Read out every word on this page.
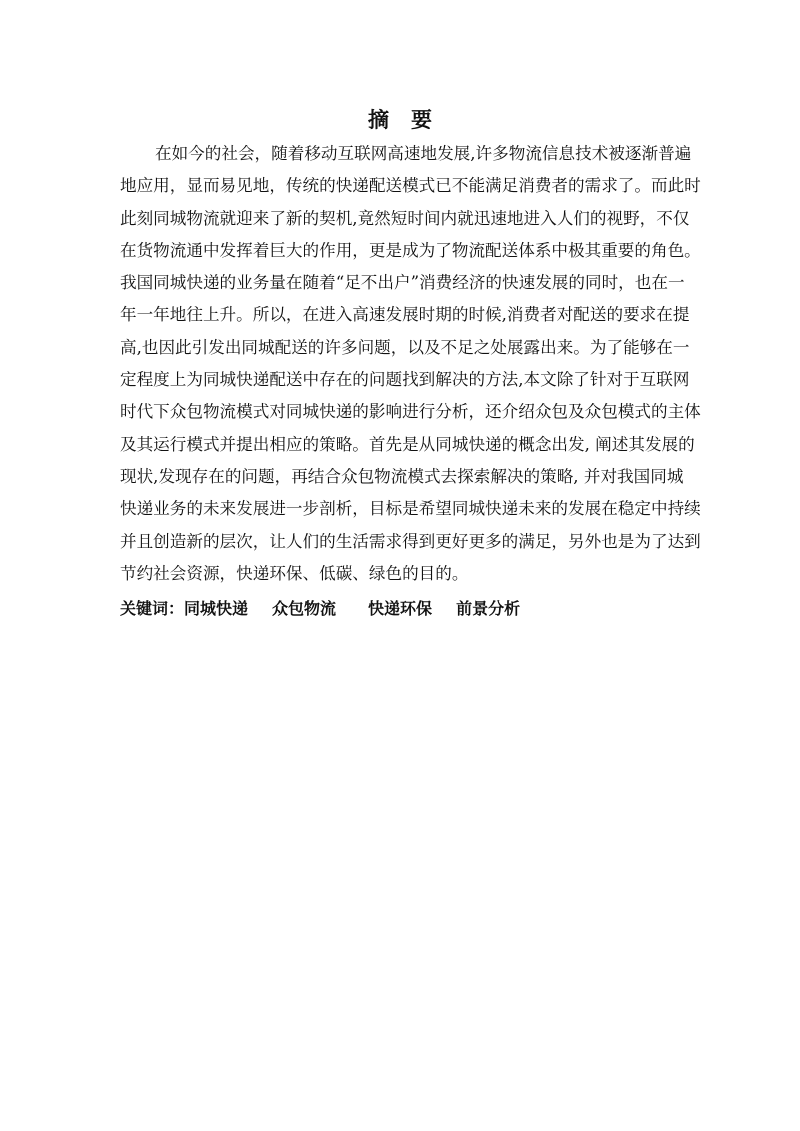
摘 要
在如今的社会，随着移动互联网高速地发展,许多物流信息技术被逐渐普遍
地应用，显而易见地，传统的快递配送模式已不能满足消费者的需求了。而此时
此刻同城物流就迎来了新的契机,竟然短时间内就迅速地进入人们的视野，不仅
在货物流通中发挥着巨大的作用，更是成为了物流配送体系中极其重要的角色。
我国同城快递的业务量在随着“足不出户”消费经济的快速发展的同时，也在一
年一年地往上升。所以，在进入高速发展时期的时候,消费者对配送的要求在提
高,也因此引发出同城配送的许多问题，以及不足之处展露出来。为了能够在一
定程度上为同城快递配送中存在的问题找到解决的方法,本文除了针对于互联网
时代下众包物流模式对同城快递的影响进行分析，还介绍众包及众包模式的主体
及其运行模式并提出相应的策略。首先是从同城快递的概念出发, 阐述其发展的
现状,发现存在的问题，再结合众包物流模式去探索解决的策略, 并对我国同城
快递业务的未来发展进一步剖析，目标是希望同城快递未来的发展在稳定中持续
并且创造新的层次，让人们的生活需求得到更好更多的满足，另外也是为了达到
节约社会资源，快递环保、低碳、绿色的目的。
关键词：同城快递 众包物流 快递环保 前景分析
